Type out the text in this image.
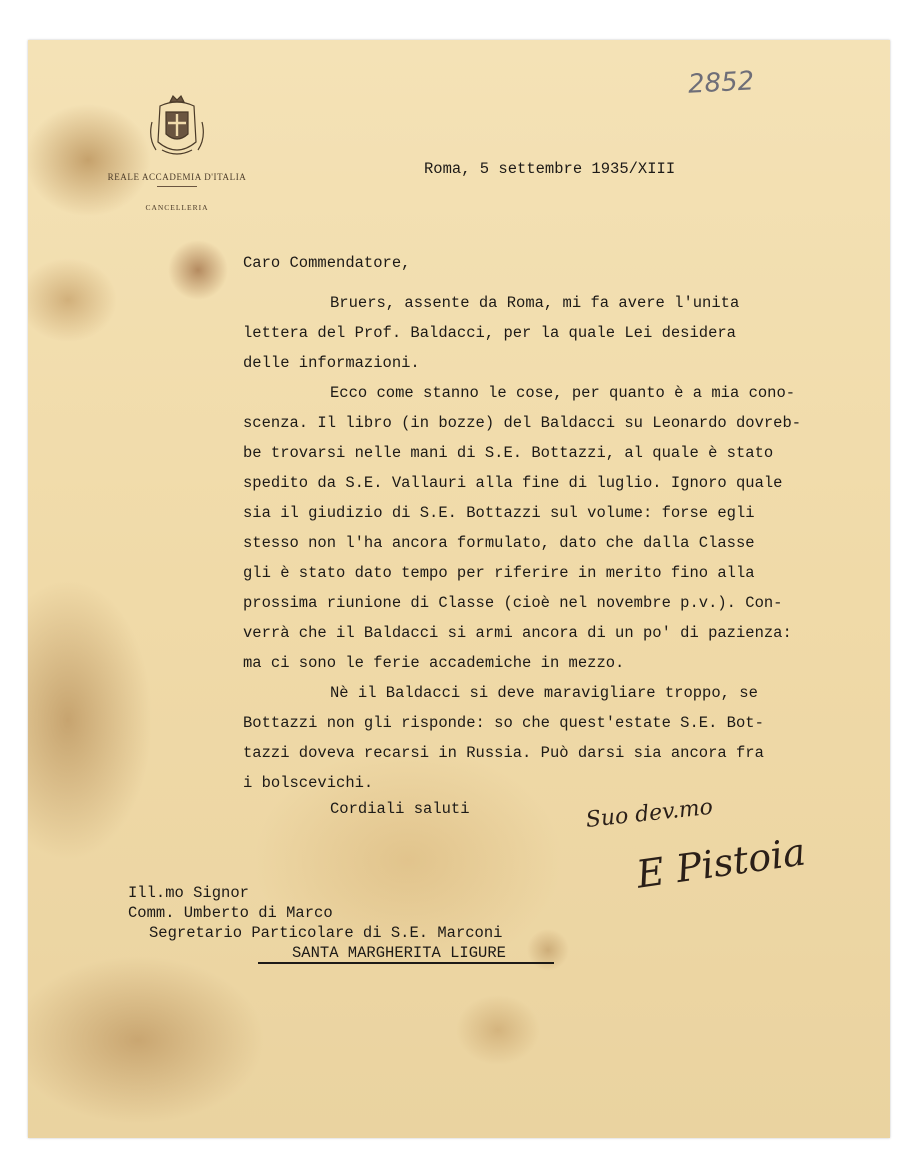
REALE ACCADEMIA D'ITALIA
CANCELLERIA
2852
Roma, 5 settembre 1935/XIII
Caro Commendatore,
Bruers, assente da Roma, mi fa avere l'unita
lettera del Prof. Baldacci, per la quale Lei desidera
delle informazioni.
Ecco come stanno le cose, per quanto è a mia cono-
scenza. Il libro (in bozze) del Baldacci su Leonardo dovreb-
be trovarsi nelle mani di S.E. Bottazzi, al quale è stato
spedito da S.E. Vallauri alla fine di luglio. Ignoro quale
sia il giudizio di S.E. Bottazzi sul volume: forse egli
stesso non l'ha ancora formulato, dato che dalla Classe
gli è stato dato tempo per riferire in merito fino alla
prossima riunione di Classe (cioè nel novembre p.v.). Con-
verrà che il Baldacci si armi ancora di un po' di pazienza:
ma ci sono le ferie accademiche in mezzo.
Nè il Baldacci si deve maravigliare troppo, se
Bottazzi non gli risponde: so che quest'estate S.E. Bot-
tazzi doveva recarsi in Russia. Può darsi sia ancora fra
i bolscevichi.
Cordiali saluti	Suo dev.mo
E Pistoia
Ill.mo Signor
Comm. Umberto di Marco
Segretario Particolare di S.E. Marconi
SANTA MARGHERITA LIGURE
